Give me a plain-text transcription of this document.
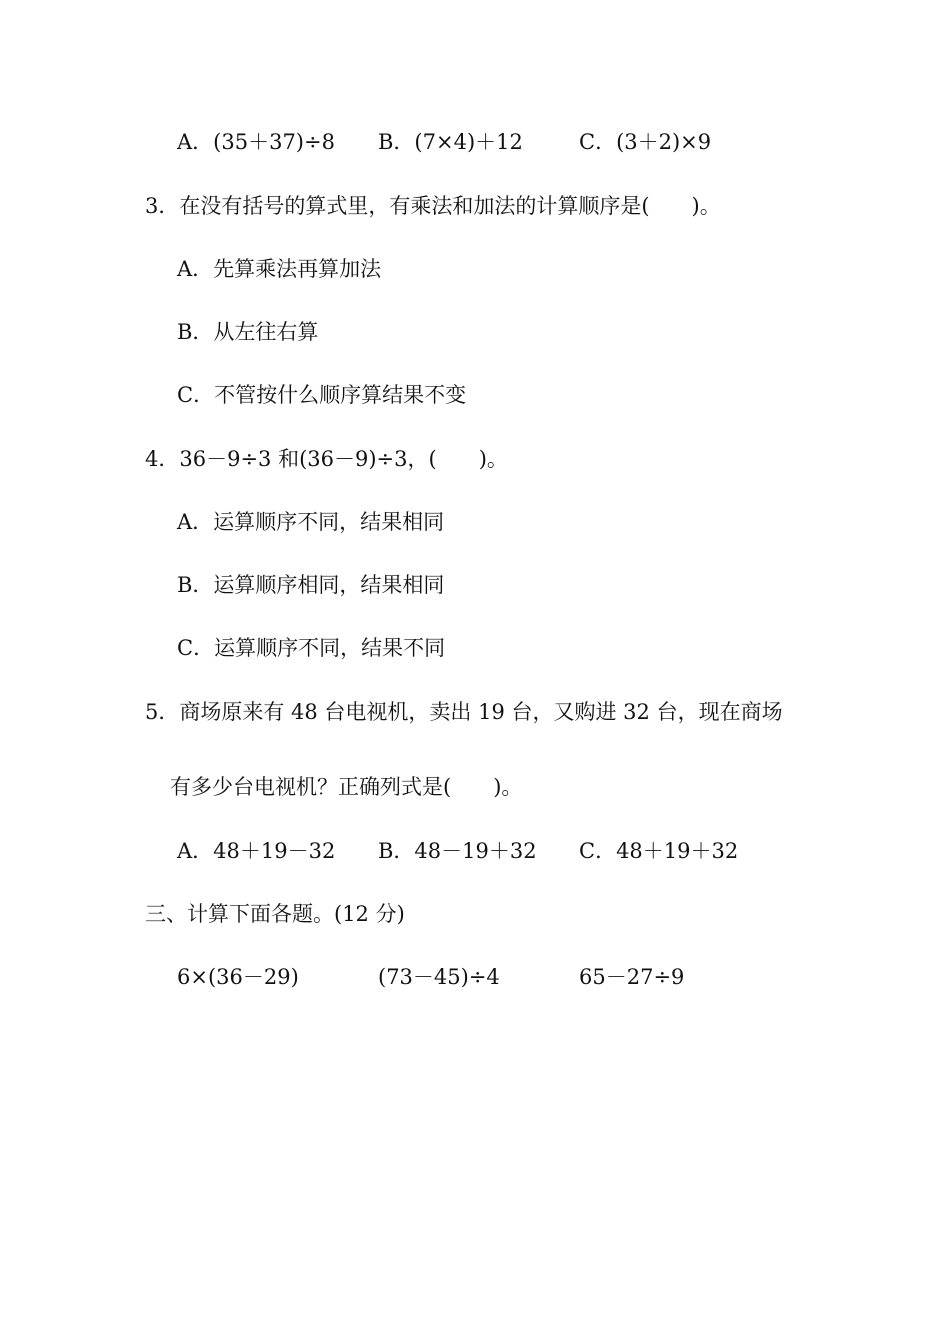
A．(35＋37)÷8 B．(7×4)＋12	C．(3＋2)×9
3．在没有括号的算式里，有乘法和加法的计算顺序是(　　)。
A．先算乘法再算加法
B．从左往右算
C．不管按什么顺序算结果不变
4．36－9÷3 和(36－9)÷3，(　　)。
A．运算顺序不同，结果相同
B．运算顺序相同，结果相同
C．运算顺序不同，结果不同
5．商场原来有 48 台电视机，卖出 19 台，又购进 32 台，现在商场
有多少台电视机？正确列式是(　　)。
A．48＋19－32 B．48－19＋32 C．48＋19＋32
三、计算下面各题。(12 分)
6×(36－29)	(73－45)÷4	65－27÷9
